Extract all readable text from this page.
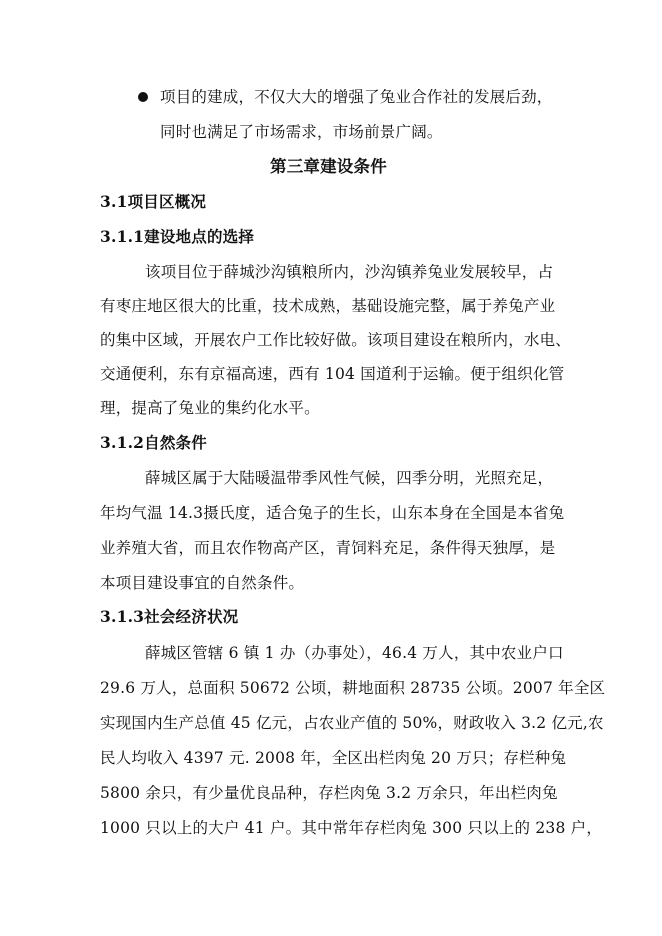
项目的建成，不仅大大的增强了兔业合作社的发展后劲，
同时也满足了市场需求，市场前景广阔。
第三章建设条件
3.1项目区概况
3.1.1建设地点的选择
该项目位于薛城沙沟镇粮所内，沙沟镇养兔业发展较早，占
有枣庄地区很大的比重，技术成熟，基础设施完整，属于养兔产业
的集中区域，开展农户工作比较好做。该项目建设在粮所内，水电、
交通便利，东有京福高速，西有 104 国道利于运输。便于组织化管
理，提高了兔业的集约化水平。
3.1.2自然条件
薛城区属于大陆暖温带季风性气候，四季分明，光照充足，
年均气温 14.3摄氏度，适合兔子的生长，山东本身在全国是本省兔
业养殖大省，而且农作物高产区，青饲料充足，条件得天独厚，是
本项目建设事宜的自然条件。
3.1.3社会经济状况
薛城区管辖 6 镇 1 办（办事处），46.4 万人，其中农业户口
29.6 万人，总面积 50672 公顷，耕地面积 28735 公顷。2007 年全区
实现国内生产总值 45 亿元，占农业产值的 50%，财政收入 3.2 亿元,农
民人均收入 4397 元. 2008 年，全区出栏肉兔 20 万只；存栏种兔
5800 余只，有少量优良品种，存栏肉兔 3.2 万余只，年出栏肉兔
1000 只以上的大户 41 户。其中常年存栏肉兔 300 只以上的 238 户，
